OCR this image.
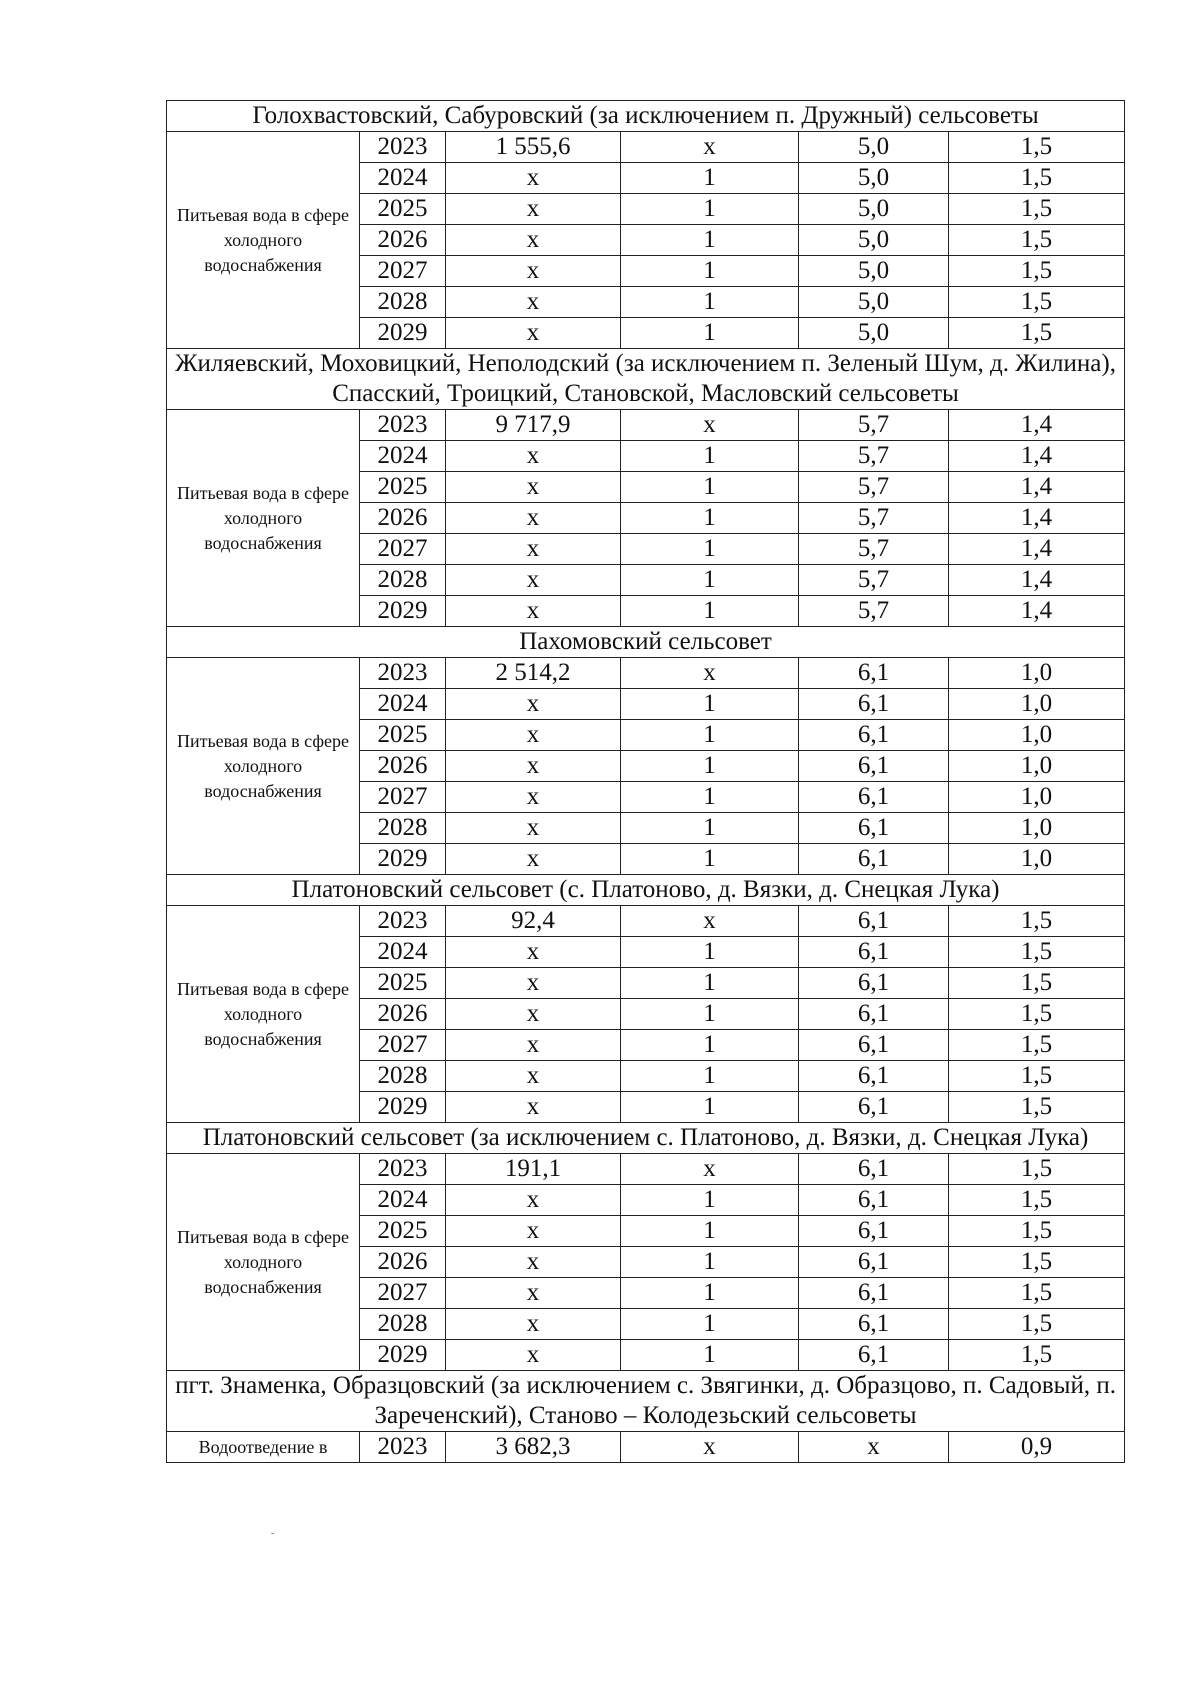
Голохвастовский, Сабуровский (за исключением п. Дружный) сельсоветы					
Питьевая вода в сфере холодного водоснабжения	2023	1 555,6	x	5,0	1,5
	2024	x	1	5,0	1,5
	2025	x	1	5,0	1,5
	2026	x	1	5,0	1,5
	2027	x	1	5,0	1,5
	2028	x	1	5,0	1,5
	2029	x	1	5,0	1,5
Жиляевский, Моховицкий, Неполодский (за исключением п. Зеленый Шум, д. Жилина), Спасский, Троицкий, Становской, Масловский сельсоветы					
Питьевая вода в сфере холодного водоснабжения	2023	9 717,9	x	5,7	1,4
	2024	x	1	5,7	1,4
	2025	x	1	5,7	1,4
	2026	x	1	5,7	1,4
	2027	x	1	5,7	1,4
	2028	x	1	5,7	1,4
	2029	x	1	5,7	1,4
Пахомовский сельсовет					
Питьевая вода в сфере холодного водоснабжения	2023	2 514,2	x	6,1	1,0
	2024	x	1	6,1	1,0
	2025	x	1	6,1	1,0
	2026	x	1	6,1	1,0
	2027	x	1	6,1	1,0
	2028	x	1	6,1	1,0
	2029	x	1	6,1	1,0
Платоновский сельсовет (с. Платоново, д. Вязки, д. Снецкая Лука)					
Питьевая вода в сфере холодного водоснабжения	2023	92,4	x	6,1	1,5
	2024	x	1	6,1	1,5
	2025	x	1	6,1	1,5
	2026	x	1	6,1	1,5
	2027	x	1	6,1	1,5
	2028	x	1	6,1	1,5
	2029	x	1	6,1	1,5
Платоновский сельсовет (за исключением с. Платоново, д. Вязки, д. Снецкая Лука)					
Питьевая вода в сфере холодного водоснабжения	2023	191,1	x	6,1	1,5
	2024	x	1	6,1	1,5
	2025	x	1	6,1	1,5
	2026	x	1	6,1	1,5
	2027	x	1	6,1	1,5
	2028	x	1	6,1	1,5
	2029	x	1	6,1	1,5
пгт. Знаменка, Образцовский (за исключением с. Звягинки, д. Образцово, п. Садовый, п. Зареченский), Станово – Колодезьский сельсоветы					
Водоотведение в	2023	3 682,3	x	x	0,9
˘
